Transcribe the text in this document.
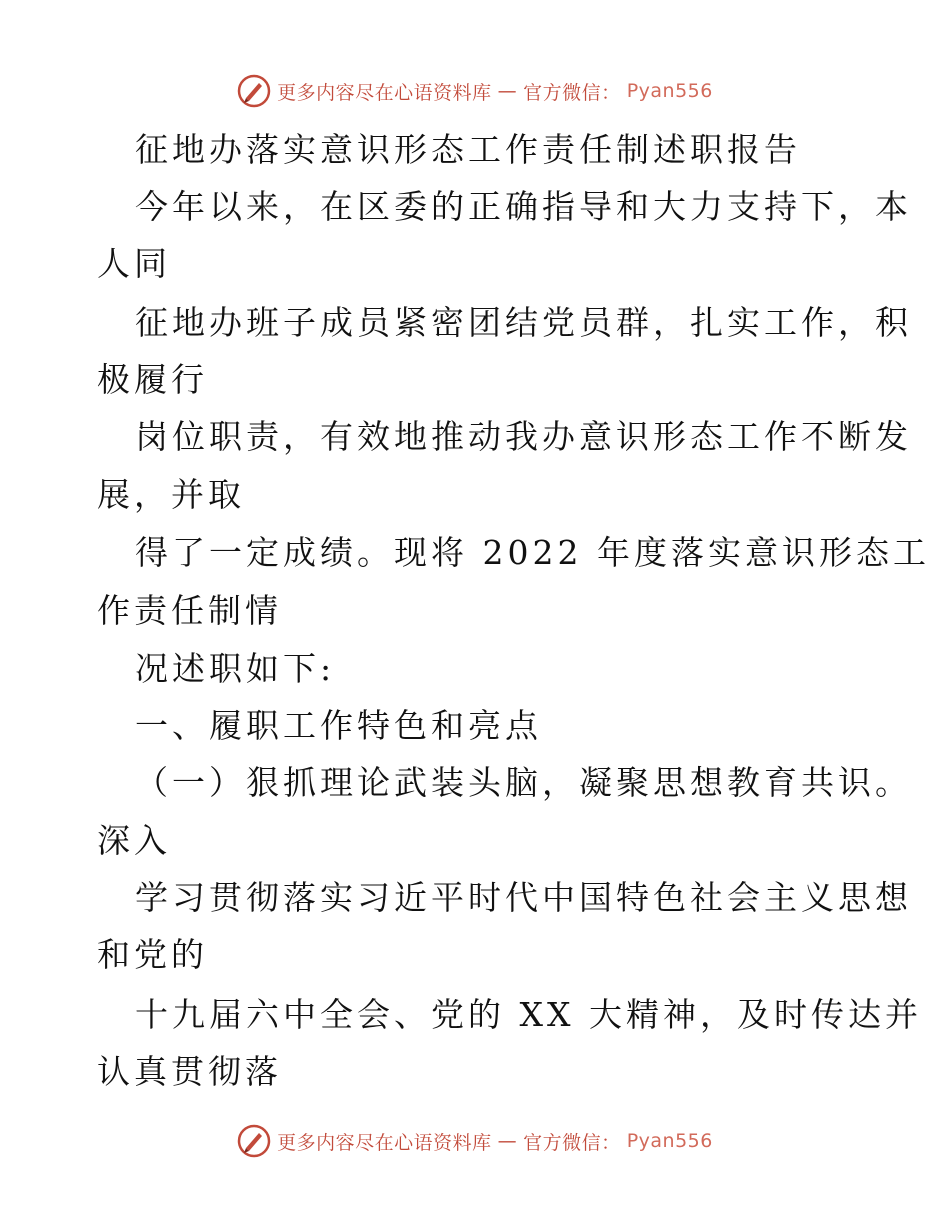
更多内容尽在心语资料库 — 官方微信： Pyan556
征地办落实意识形态工作责任制述职报告
今年以来，在区委的正确指导和大力支持下，本
人同
征地办班子成员紧密团结党员群，扎实工作，积
极履行
岗位职责，有效地推动我办意识形态工作不断发
展，并取
得了一定成绩。现将 2022 年度落实意识形态工
作责任制情
况述职如下:
一、履职工作特色和亮点
（一）狠抓理论武装头脑，凝聚思想教育共识。
深入
学习贯彻落实习近平时代中国特色社会主义思想
和党的
十九届六中全会、党的 XX 大精神，及时传达并
认真贯彻落
更多内容尽在心语资料库 — 官方微信： Pyan556
